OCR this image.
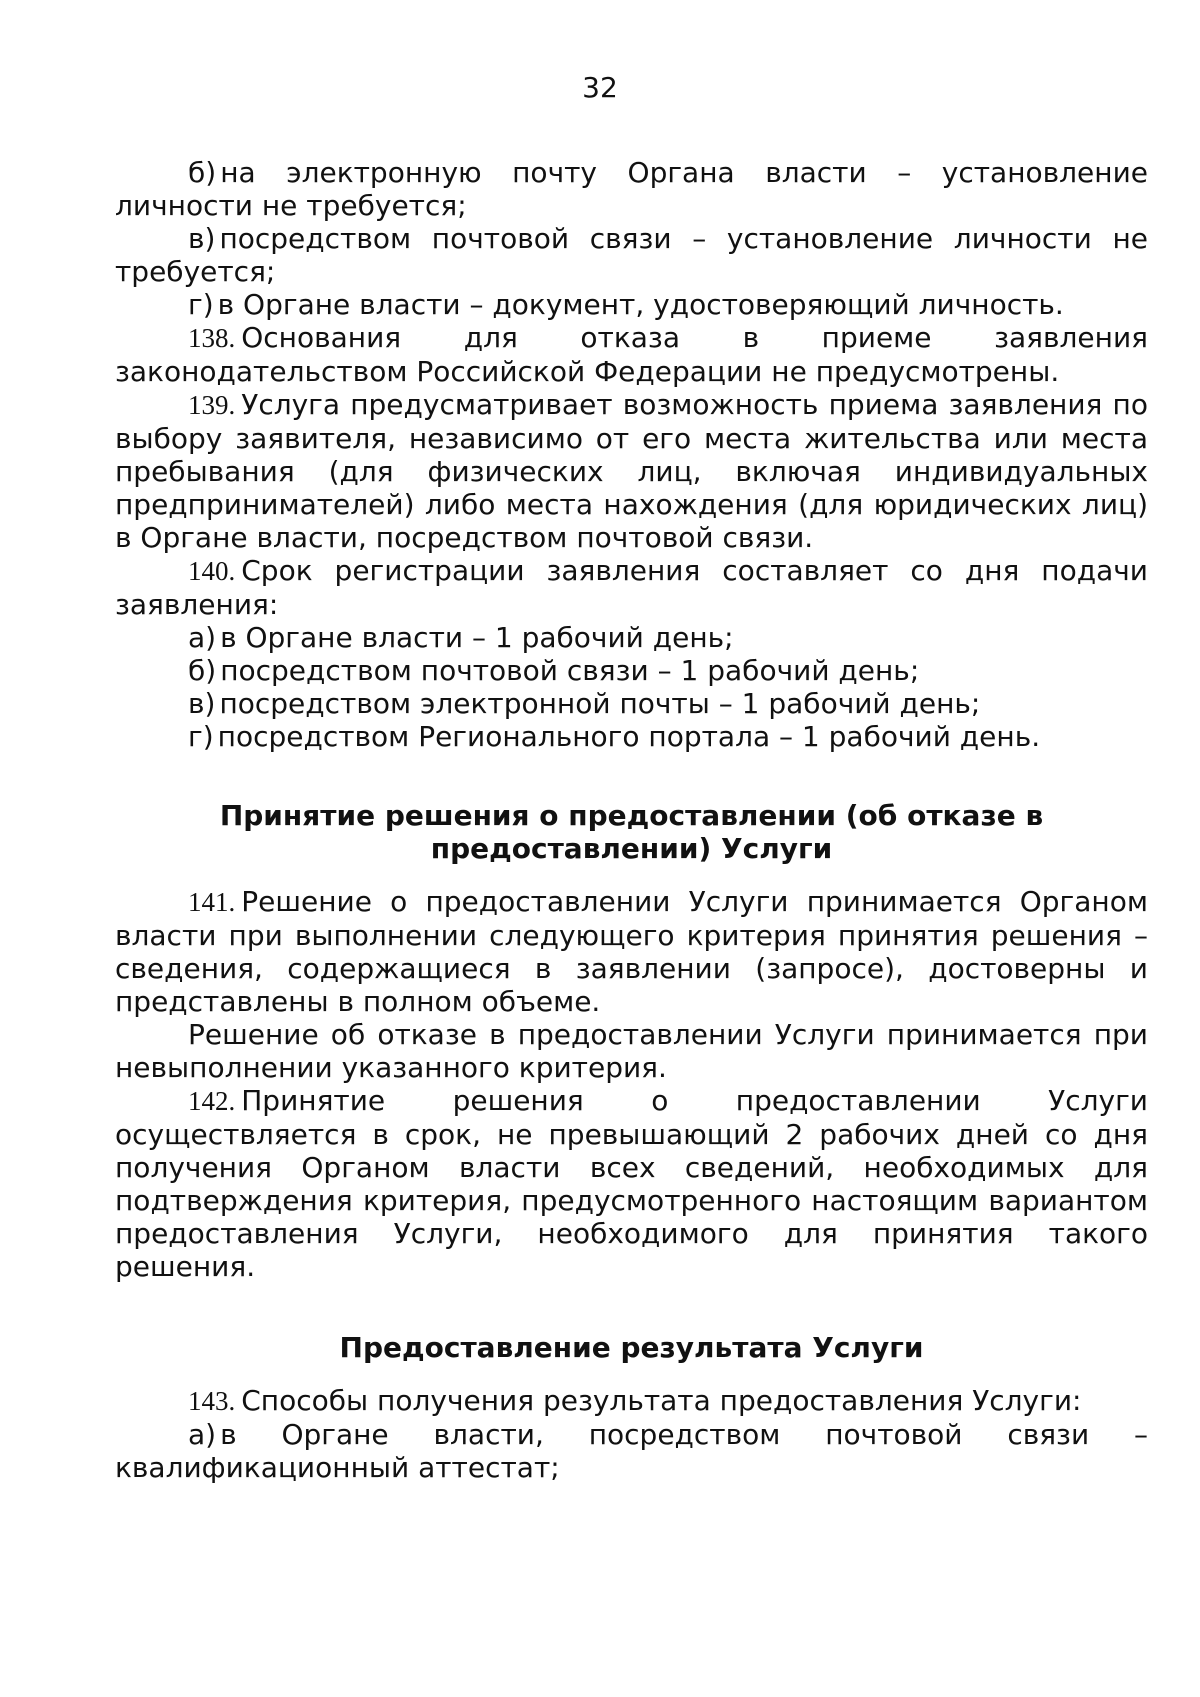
32

б) на электронную почту Органа власти – установление личности не требуется;

в) посредством почтовой связи – установление личности не требуется;

г) в Органе власти – документ, удостоверяющий личность.

138. Основания для отказа в приеме заявления законодательством Российской Федерации не предусмотрены.

139. Услуга предусматривает возможность приема заявления по выбору заявителя, независимо от его места жительства или места пребывания (для физических лиц, включая индивидуальных предпринимателей) либо места нахождения (для юридических лиц) в Органе власти, посредством почтовой связи.

140. Срок регистрации заявления составляет со дня подачи заявления:

а) в Органе власти – 1 рабочий день;

б) посредством почтовой связи – 1 рабочий день;

в) посредством электронной почты – 1 рабочий день;

г) посредством Регионального портала – 1 рабочий день.

Принятие решения о предоставлении (об отказе в
предоставлении) Услуги

141. Решение о предоставлении Услуги принимается Органом власти при выполнении следующего критерия принятия решения – сведения, содержащиеся в заявлении (запросе), достоверны и представлены в полном объеме.

Решение об отказе в предоставлении Услуги принимается при невыполнении указанного критерия.

142. Принятие решения о предоставлении Услуги осуществляется в срок, не превышающий 2 рабочих дней со дня получения Органом власти всех сведений, необходимых для подтверждения критерия, предусмотренного настоящим вариантом предоставления Услуги, необходимого для принятия такого решения.

Предоставление результата Услуги

143. Способы получения результата предоставления Услуги:

а) в Органе власти, посредством почтовой связи – квалификационный аттестат;
